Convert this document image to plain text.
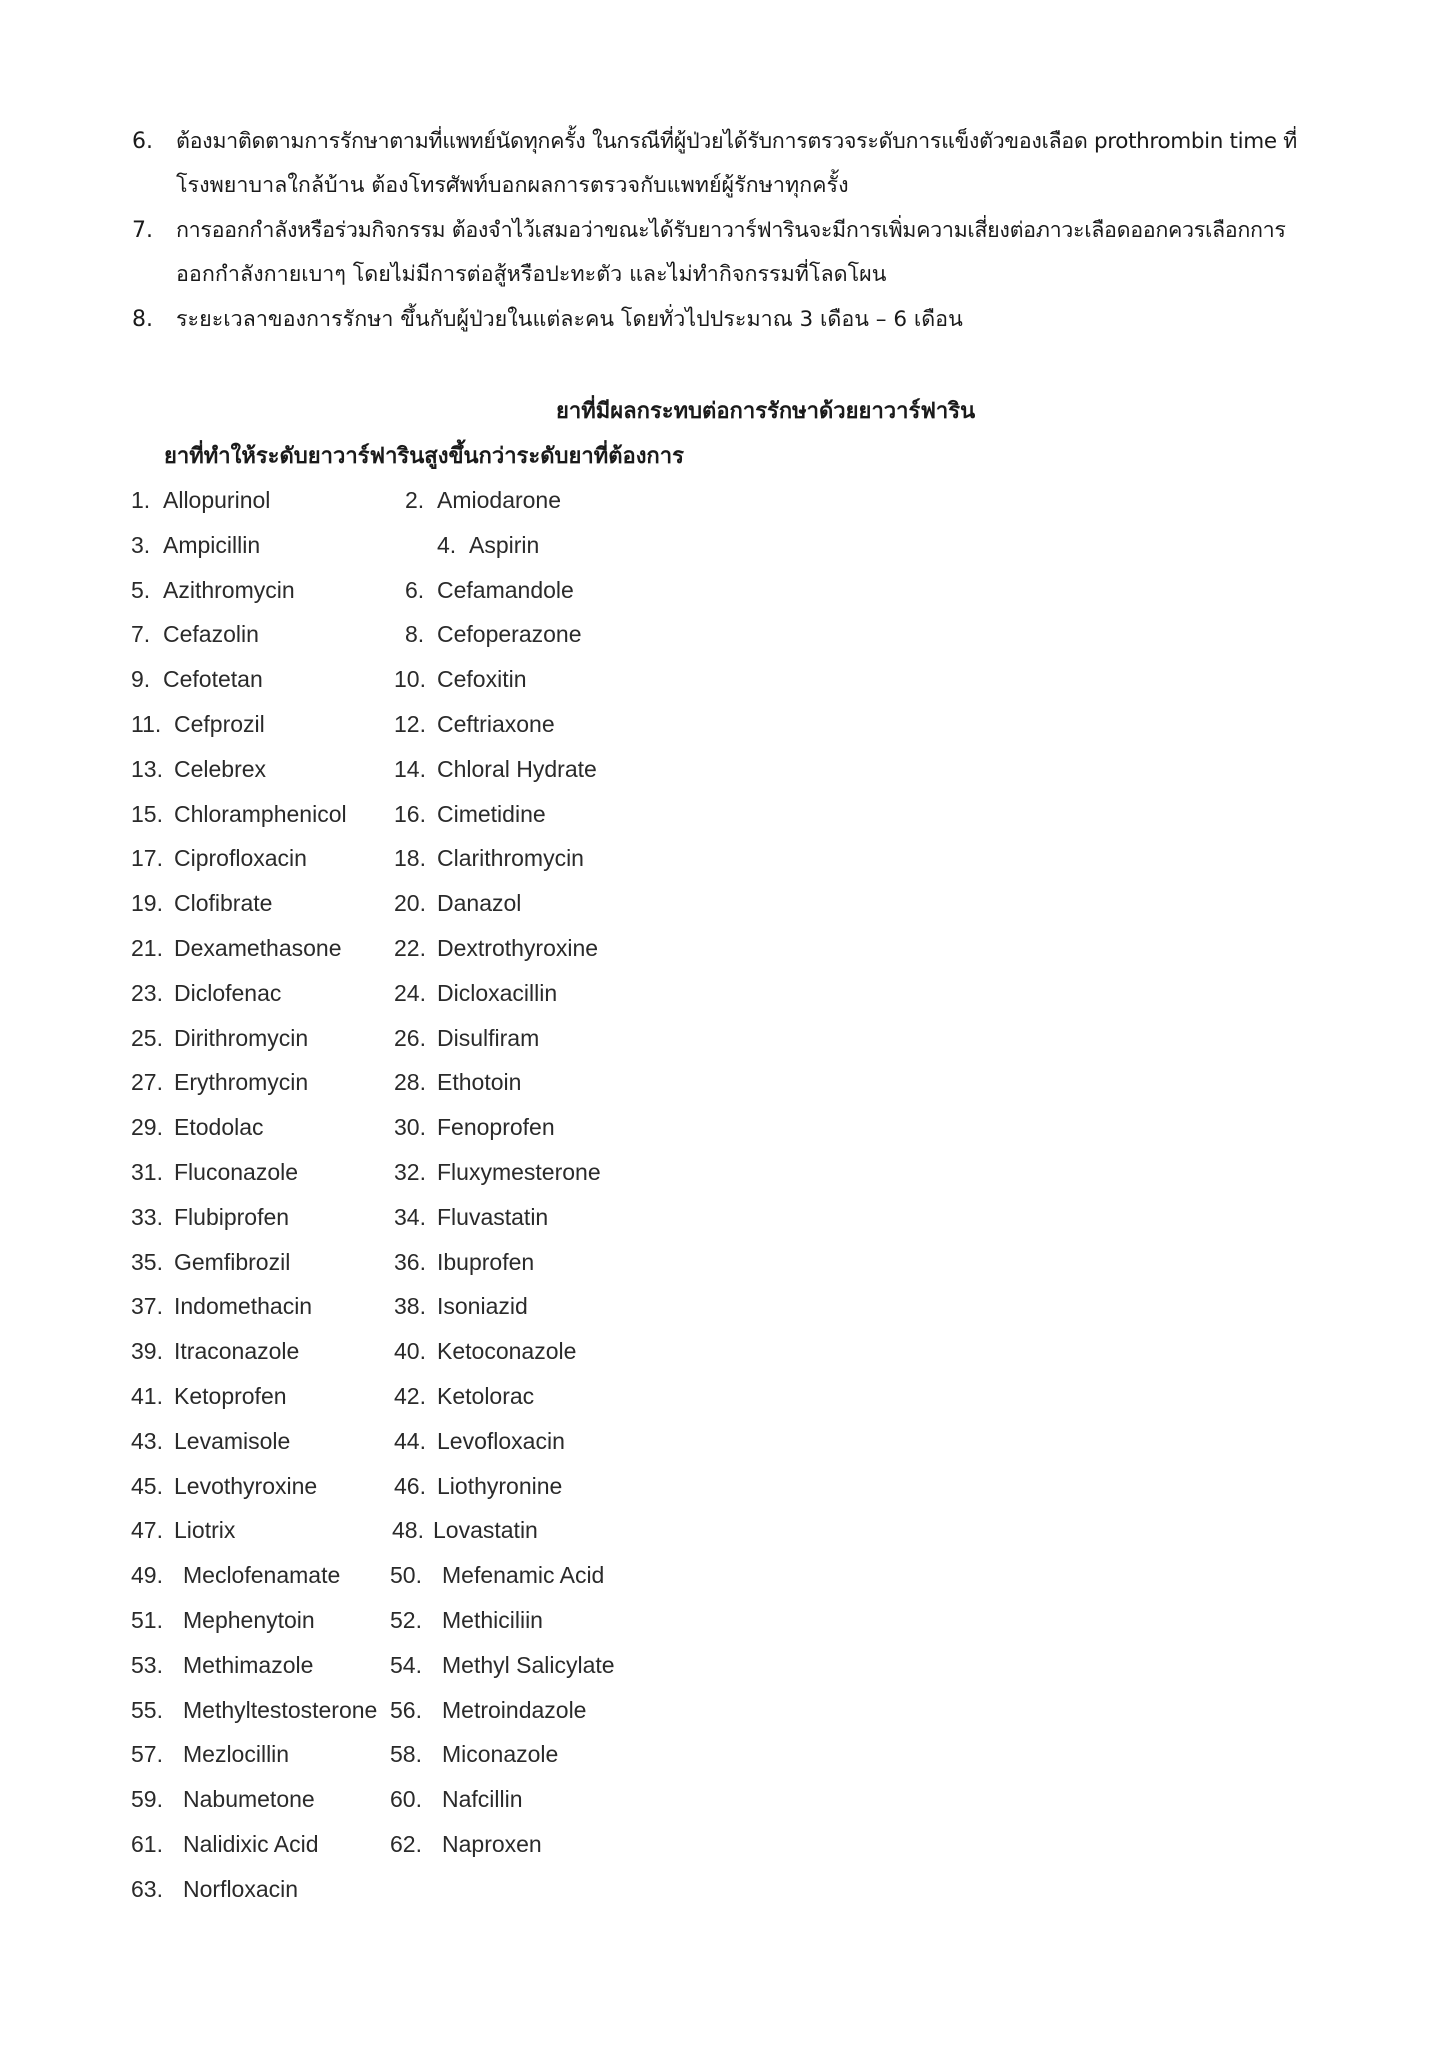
6. ต้องมาติดตามการรักษาตามที่แพทย์นัดทุกครั้ง ในกรณีที่ผู้ป่วยได้รับการตรวจระดับการแข็งตัวของเลือด prothrombin time ที่
โรงพยาบาลใกล้บ้าน ต้องโทรศัพท์บอกผลการตรวจกับแพทย์ผู้รักษาทุกครั้ง
7. การออกกำลังหรือร่วมกิจกรรม ต้องจำไว้เสมอว่าขณะได้รับยาวาร์ฟารินจะมีการเพิ่มความเสี่ยงต่อภาวะเลือดออกควรเลือกการ
ออกกำลังกายเบาๆ โดยไม่มีการต่อสู้หรือปะทะตัว และไม่ทำกิจกรรมที่โลดโผน
8. ระยะเวลาของการรักษา ขึ้นกับผู้ป่วยในแต่ละคน โดยทั่วไปประมาณ 3 เดือน – 6 เดือน
ยาที่มีผลกระทบต่อการรักษาด้วยยาวาร์ฟาริน
ยาที่ทำให้ระดับยาวาร์ฟารินสูงขึ้นกว่าระดับยาที่ต้องการ
1. Allopurinol	2. Amiodarone
3. Ampicillin	4. Aspirin
5. Azithromycin	6. Cefamandole
7. Cefazolin	8. Cefoperazone
9. Cefotetan	10. Cefoxitin
11. Cefprozil	12. Ceftriaxone
13. Celebrex	14. Chloral Hydrate
15. Chloramphenicol 16. Cimetidine
17. Ciprofloxacin	18. Clarithromycin
19. Clofibrate	20. Danazol
21. Dexamethasone 22. Dextrothyroxine
23. Diclofenac	24. Dicloxacillin
25. Dirithromycin	26. Disulfiram
27. Erythromycin	28. Ethotoin
29. Etodolac	30. Fenoprofen
31. Fluconazole	32. Fluxymesterone
33. Flubiprofen	34. Fluvastatin
35. Gemfibrozil	36. Ibuprofen
37. Indomethacin	38. Isoniazid
39. Itraconazole	40. Ketoconazole
41. Ketoprofen	42. Ketolorac
43. Levamisole	44. Levofloxacin
45. Levothyroxine	46. Liothyronine
47. Liotrix	48. Lovastatin
49. Meclofenamate 50. Mefenamic Acid
51. Mephenytoin	52. Methiciliin
53. Methimazole	54. Methyl Salicylate
55. Methyltestosterone 56. Metroindazole
57. Mezlocillin	58. Miconazole
59. Nabumetone	60. Nafcillin
61. Nalidixic Acid	62. Naproxen
63. Norfloxacin
